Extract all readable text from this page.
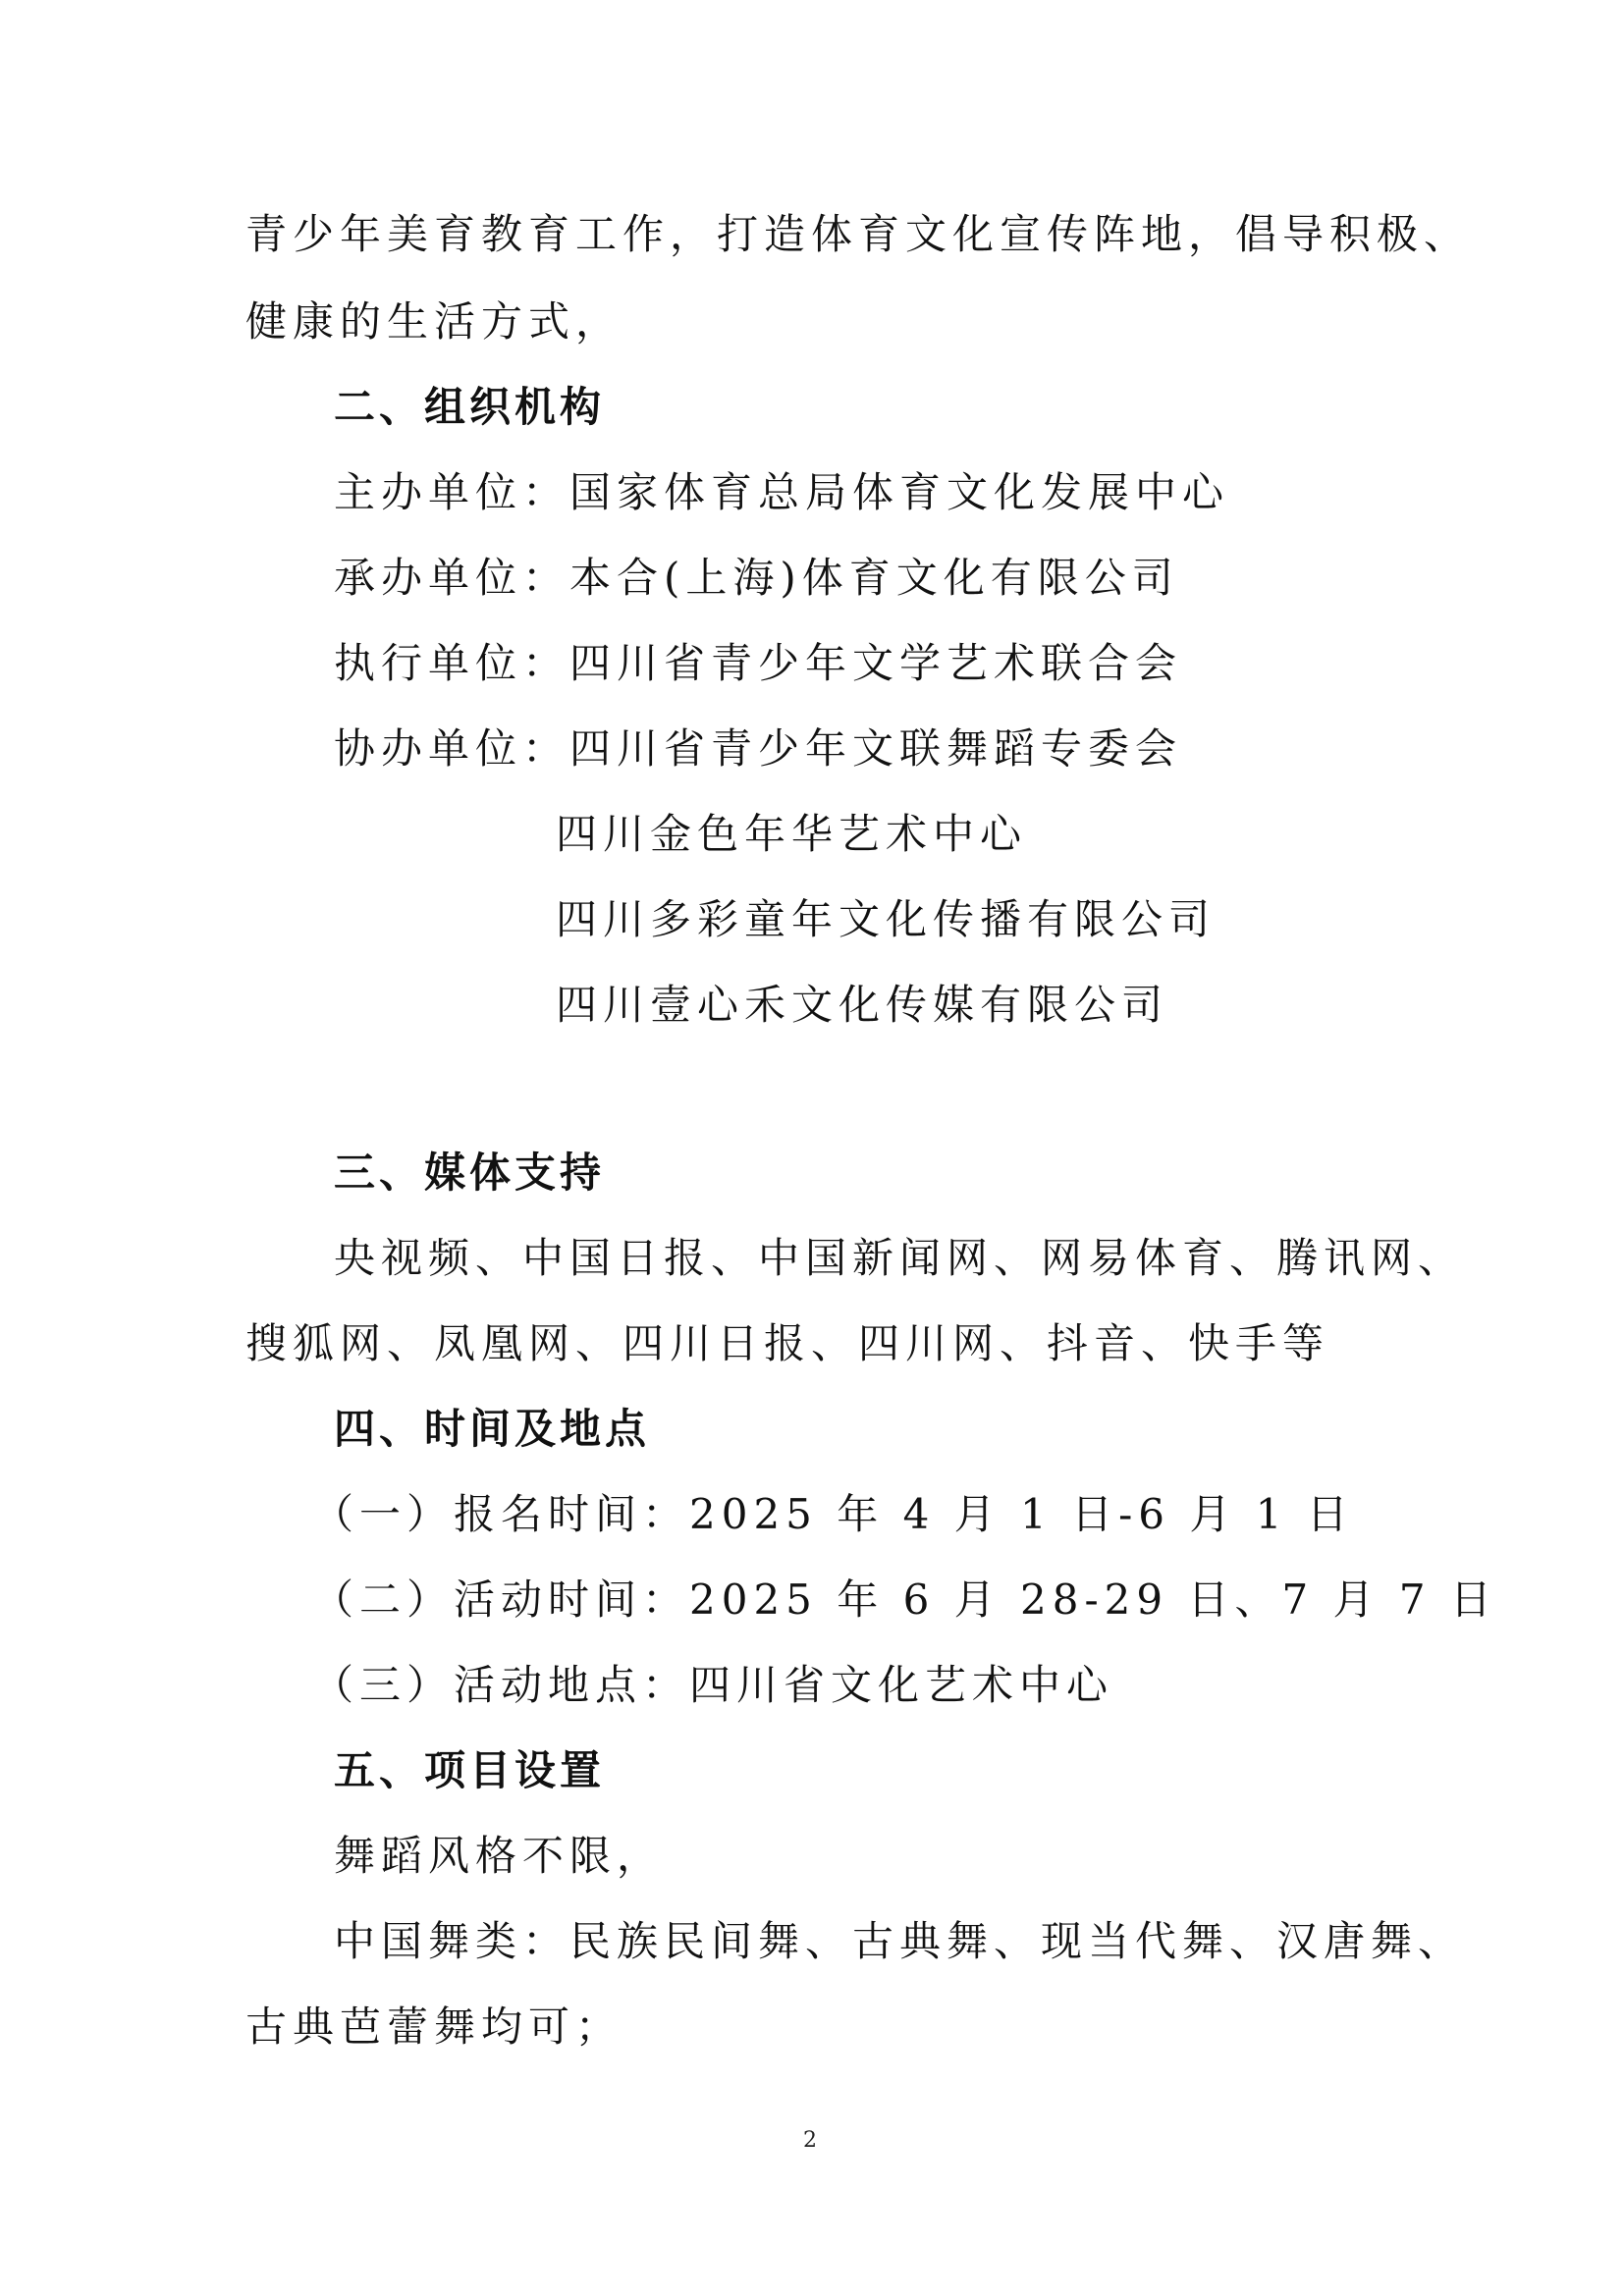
青少年美育教育工作，打造体育文化宣传阵地，倡导积极、
健康的生活方式，
二、组织机构
主办单位：国家体育总局体育文化发展中心
承办单位：本合(上海)体育文化有限公司
执行单位：四川省青少年文学艺术联合会
协办单位：四川省青少年文联舞蹈专委会
四川金色年华艺术中心
四川多彩童年文化传播有限公司
四川壹心禾文化传媒有限公司
三、媒体支持
央视频、中国日报、中国新闻网、网易体育、腾讯网、
搜狐网、凤凰网、四川日报、四川网、抖音、快手等
四、时间及地点
（一）报名时间：2025 年 4 月 1 日-6 月 1 日
（二）活动时间：2025 年 6 月 28-29 日、7 月 7 日
（三）活动地点：四川省文化艺术中心
五、项目设置
舞蹈风格不限，
中国舞类：民族民间舞、古典舞、现当代舞、汉唐舞、
古典芭蕾舞均可；
2
